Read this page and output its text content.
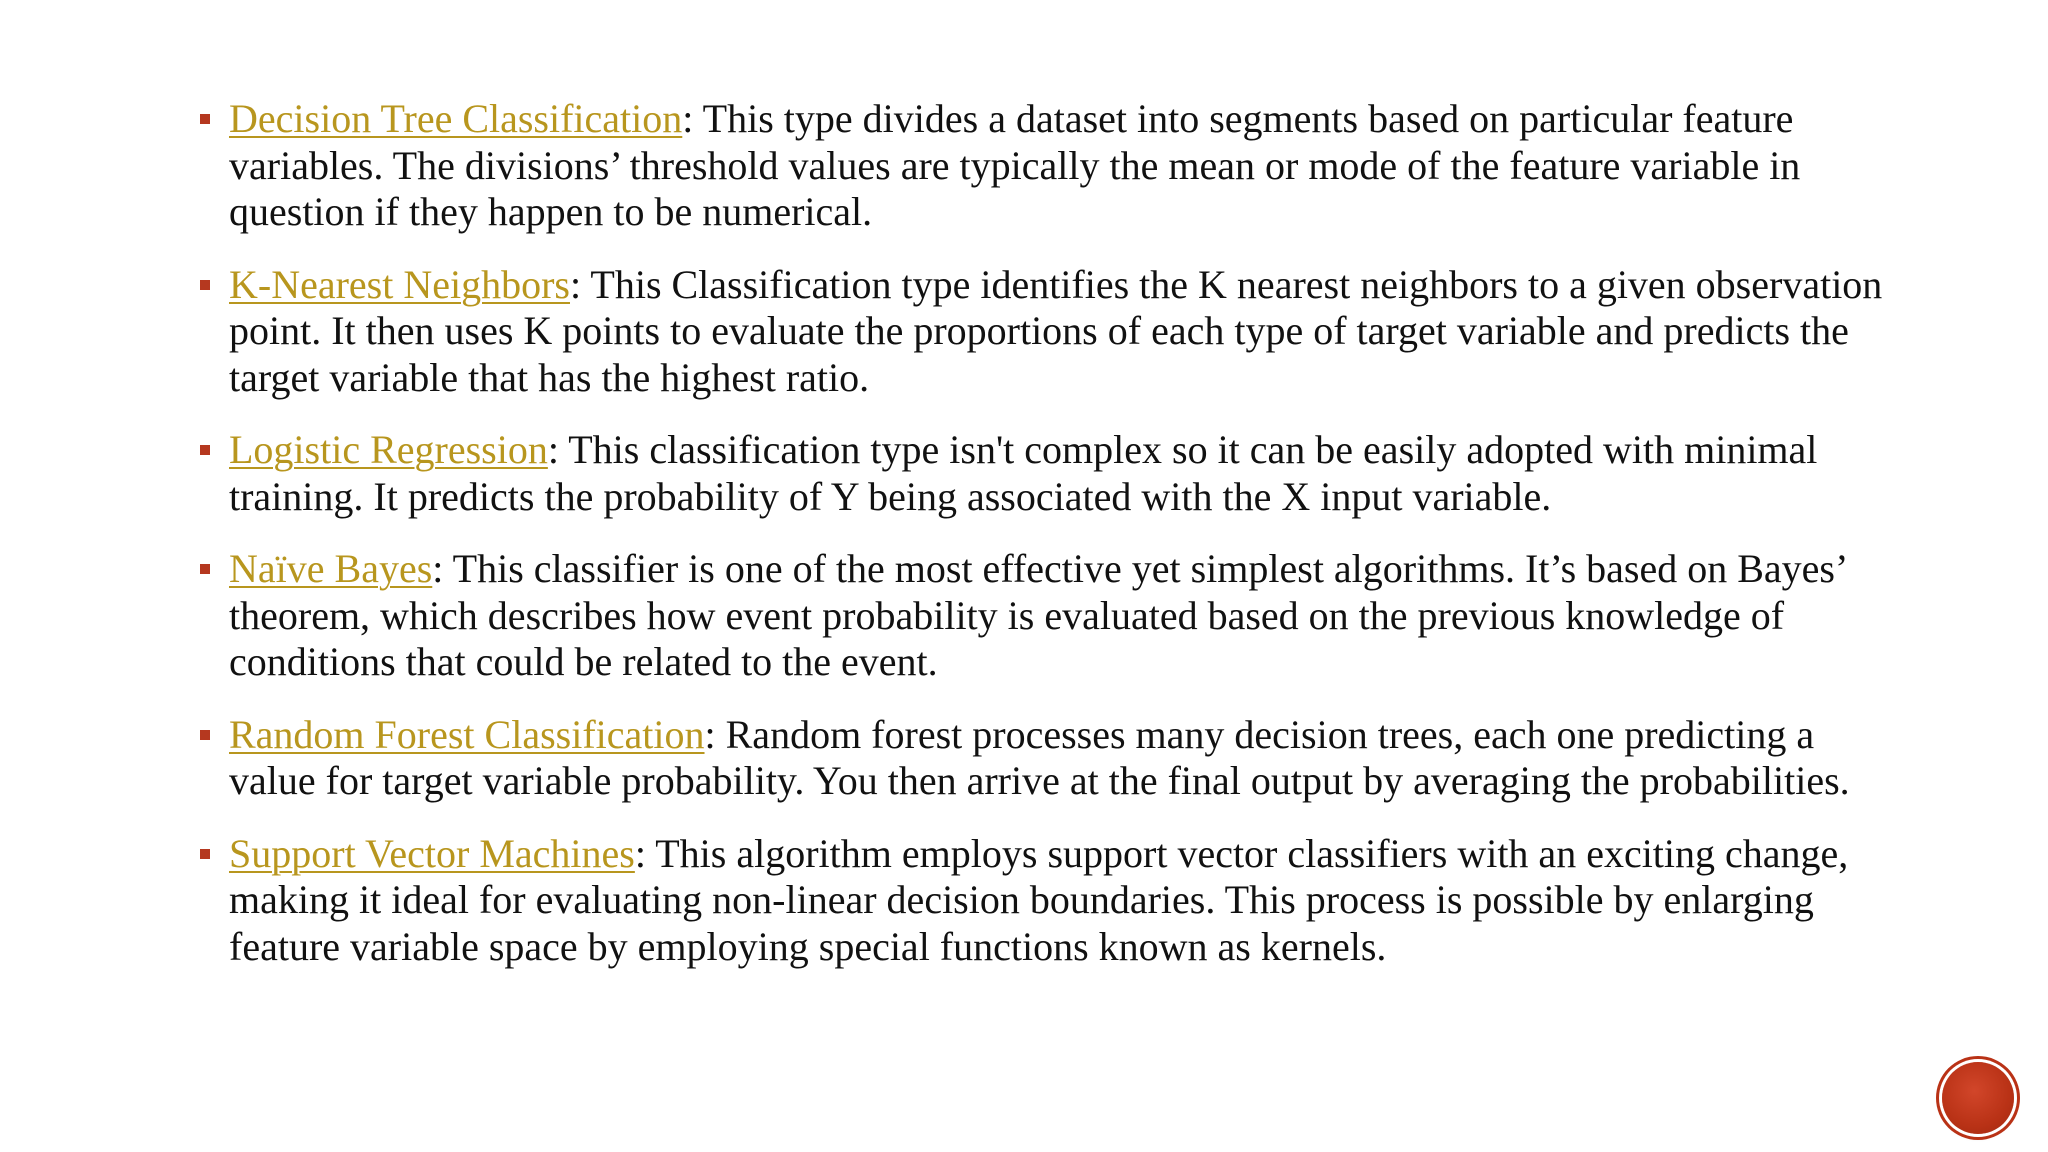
Decision Tree Classification: This type divides a dataset into segments based on particular feature variables. The divisions’ threshold values are typically the mean or mode of the feature variable in question if they happen to be numerical.
K-Nearest Neighbors: This Classification type identifies the K nearest neighbors to a given observation point. It then uses K points to evaluate the proportions of each type of target variable and predicts the target variable that has the highest ratio.
Logistic Regression: This classification type isn't complex so it can be easily adopted with minimal training. It predicts the probability of Y being associated with the X input variable.
Naïve Bayes: This classifier is one of the most effective yet simplest algorithms. It’s based on Bayes’ theorem, which describes how event probability is evaluated based on the previous knowledge of conditions that could be related to the event.
Random Forest Classification: Random forest processes many decision trees, each one predicting a value for target variable probability. You then arrive at the final output by averaging the probabilities.
Support Vector Machines: This algorithm employs support vector classifiers with an exciting change, making it ideal for evaluating non-linear decision boundaries. This process is possible by enlarging feature variable space by employing special functions known as kernels.
